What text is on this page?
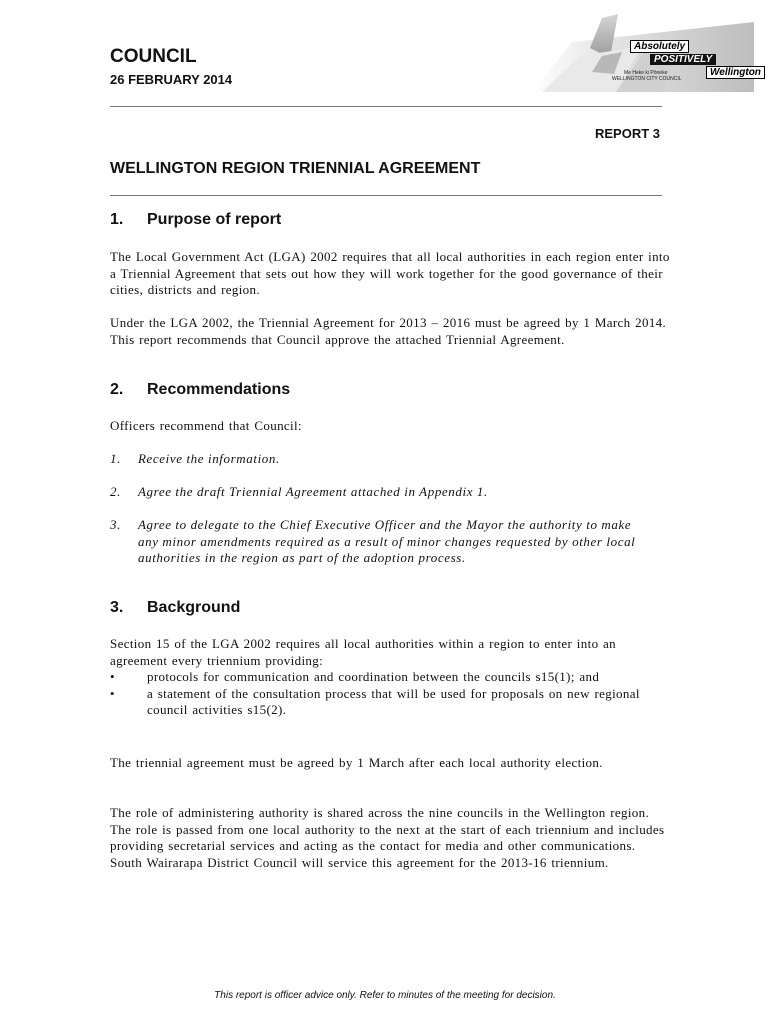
COUNCIL
26 FEBRUARY 2014
Absolutely
POSITIVELY
Me Heke ki Pōneke
WELLINGTON CITY COUNCIL
Wellington
REPORT 3
WELLINGTON REGION TRIENNIAL AGREEMENT
1. Purpose of report
The Local Government Act (LGA) 2002 requires that all local authorities in each region enter into a Triennial Agreement that sets out how they will work together for the good governance of their cities, districts and region.
Under the LGA 2002, the Triennial Agreement for 2013 – 2016 must be agreed by 1 March 2014. This report recommends that Council approve the attached Triennial Agreement.
2. Recommendations
Officers recommend that Council:
1. Receive the information.
2. Agree the draft Triennial Agreement attached in Appendix 1.
3. Agree to delegate to the Chief Executive Officer and the Mayor the authority to make any minor amendments required as a result of minor changes requested by other local authorities in the region as part of the adoption process.
3. Background
Section 15 of the LGA 2002 requires all local authorities within a region to enter into an agreement every triennium providing:
• protocols for communication and coordination between the councils s15(1); and
• a statement of the consultation process that will be used for proposals on new regional council activities s15(2).
The triennial agreement must be agreed by 1 March after each local authority election.
The role of administering authority is shared across the nine councils in the Wellington region. The role is passed from one local authority to the next at the start of each triennium and includes providing secretarial services and acting as the contact for media and other communications. South Wairarapa District Council will service this agreement for the 2013-16 triennium.
This report is officer advice only. Refer to minutes of the meeting for decision.
